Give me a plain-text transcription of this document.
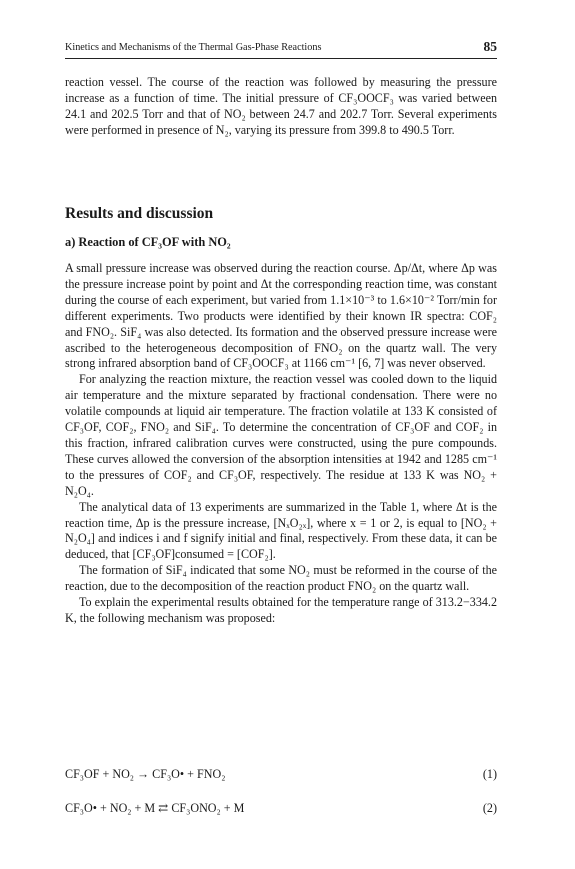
Kinetics and Mechanisms of the Thermal Gas-Phase Reactions	85

reaction vessel. The course of the reaction was followed by measuring the pressure increase as a function of time. The initial pressure of CF₃OOCF₃ was varied between 24.1 and 202.5 Torr and that of NO₂ between 24.7 and 202.7 Torr. Several experiments were performed in presence of N₂, varying its pressure from 399.8 to 490.5 Torr.

Results and discussion
a) Reaction of CF₃OF with NO₂

A small pressure increase was observed during the reaction course. Δp/Δt, where Δp was the pressure increase point by point and Δt the corresponding reaction time, was constant during the course of each experiment, but varied from 1.1×10⁻³ to 1.6×10⁻² Torr/min for different experiments. Two products were identified by their known IR spectra: COF₂ and FNO₂. SiF₄ was also detected. Its formation and the observed pressure increase were ascribed to the heterogeneous decomposition of FNO₂ on the quartz wall. The very strong infrared absorption band of CF₃OOCF₃ at 1166 cm⁻¹ [6, 7] was never observed.

For analyzing the reaction mixture, the reaction vessel was cooled down to the liquid air temperature and the mixture separated by fractional condensation. There were no volatile compounds at liquid air temperature. The fraction volatile at 133 K consisted of CF₃OF, COF₂, FNO₂ and SiF₄. To determine the concentration of CF₃OF and COF₂ in this fraction, infrared calibration curves were constructed, using the pure compounds. These curves allowed the conversion of the absorption intensities at 1942 and 1285 cm⁻¹ to the pressures of COF₂ and CF₃OF, respectively. The residue at 133 K was NO₂ + N₂O₄.

The analytical data of 13 experiments are summarized in the Table 1, where Δt is the reaction time, Δp is the pressure increase, [NₓO₂ₓ], where x = 1 or 2, is equal to [NO₂ + N₂O₄] and indices i and f signify initial and final, respectively. From these data, it can be deduced, that [CF₃OF]consumed = [COF₂].

The formation of SiF₄ indicated that some NO₂ must be reformed in the course of the reaction, due to the decomposition of the reaction product FNO₂ on the quartz wall.

To explain the experimental results obtained for the temperature range of 313.2−334.2 K, the following mechanism was proposed:

CF₃OF + NO₂ → CF₃O• + FNO₂	(1)
CF₃O• + NO₂ + M ⇄ CF₃ONO₂ + M	(2)
